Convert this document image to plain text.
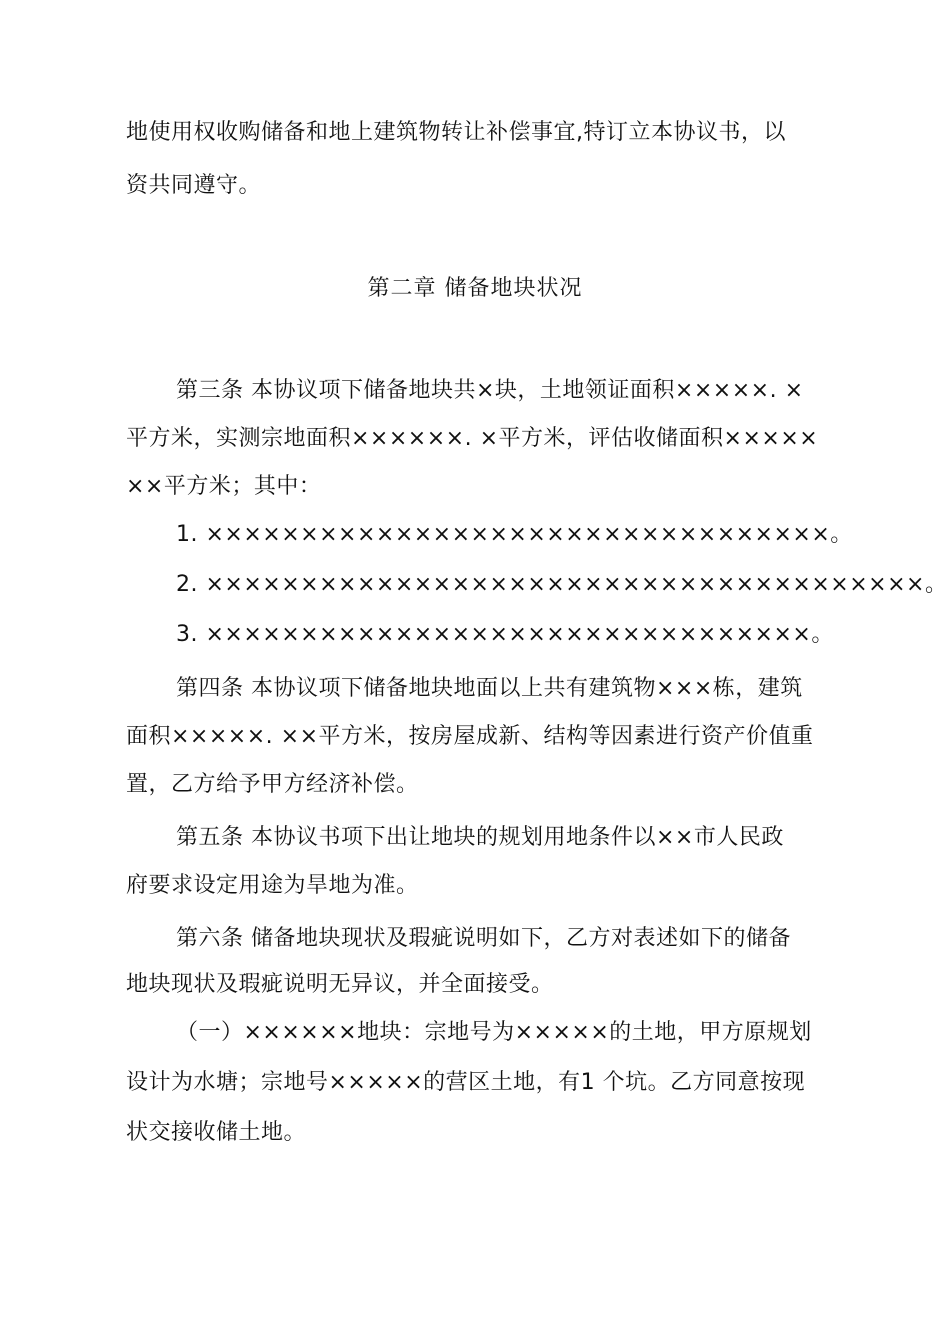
地使用权收购储备和地上建筑物转让补偿事宜,特订立本协议书，以
资共同遵守。
第二章 储备地块状况
第三条 本协议项下储备地块共×块，土地领证面积×××××. ×
平方米，实测宗地面积××××××. ×平方米，评估收储面积×××××
××平方米；其中：
1. ×××××××××××××××××××××××××××××××××。
2. ××××××××××××××××××××××××××××××××××××××。
3. ××××××××××××××××××××××××××××××××。
第四条 本协议项下储备地块地面以上共有建筑物×××栋，建筑
面积×××××. ××平方米，按房屋成新、结构等因素进行资产价值重
置，乙方给予甲方经济补偿。
第五条 本协议书项下出让地块的规划用地条件以××市人民政
府要求设定用途为旱地为准。
第六条 储备地块现状及瑕疵说明如下，乙方对表述如下的储备
地块现状及瑕疵说明无异议，并全面接受。
（一）××××××地块：宗地号为×××××的土地，甲方原规划
设计为水塘；宗地号×××××的营区土地，有1 个坑。乙方同意按现
状交接收储土地。
